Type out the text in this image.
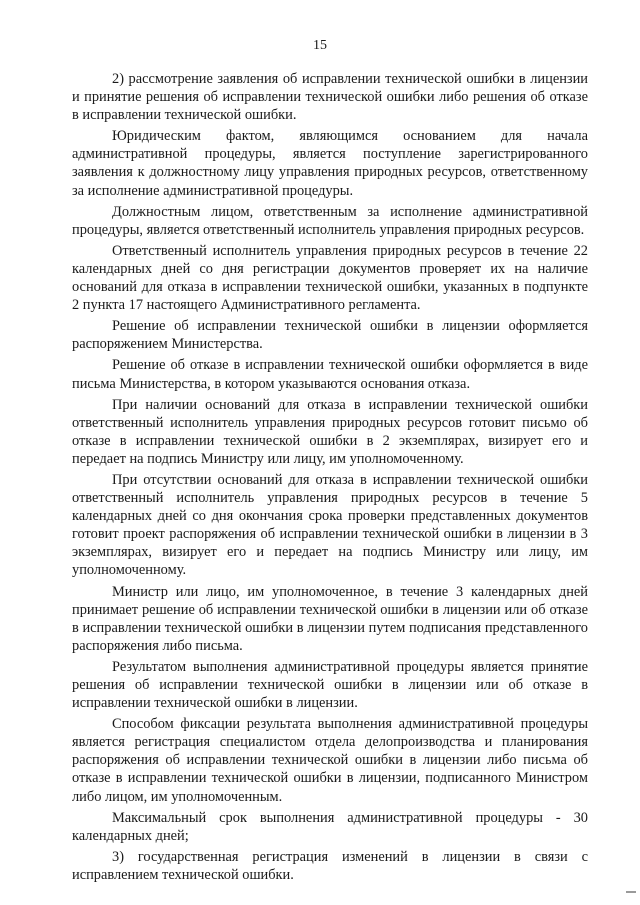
15

2) рассмотрение заявления об исправлении технической ошибки в лицензии и принятие решения об исправлении технической ошибки либо решения об отказе в исправлении технической ошибки.

Юридическим фактом, являющимся основанием для начала административной процедуры, является поступление зарегистрированного заявления к должностному лицу управления природных ресурсов, ответственному за исполнение административной процедуры.

Должностным лицом, ответственным за исполнение административной процедуры, является ответственный исполнитель управления природных ресурсов.

Ответственный исполнитель управления природных ресурсов в течение 22 календарных дней со дня регистрации документов проверяет их на наличие оснований для отказа в исправлении технической ошибки, указанных в подпункте 2 пункта 17 настоящего Административного регламента.

Решение об исправлении технической ошибки в лицензии оформляется распоряжением Министерства.

Решение об отказе в исправлении технической ошибки оформляется в виде письма Министерства, в котором указываются основания отказа.

При наличии оснований для отказа в исправлении технической ошибки ответственный исполнитель управления природных ресурсов готовит письмо об отказе в исправлении технической ошибки в 2 экземплярах, визирует его и передает на подпись Министру или лицу, им уполномоченному.

При отсутствии оснований для отказа в исправлении технической ошибки ответственный исполнитель управления природных ресурсов в течение 5 календарных дней со дня окончания срока проверки представленных документов готовит проект распоряжения об исправлении технической ошибки в лицензии в 3 экземплярах, визирует его и передает на подпись Министру или лицу, им уполномоченному.

Министр или лицо, им уполномоченное, в течение 3 календарных дней принимает решение об исправлении технической ошибки в лицензии или об отказе в исправлении технической ошибки в лицензии путем подписания представленного распоряжения либо письма.

Результатом выполнения административной процедуры является принятие решения об исправлении технической ошибки в лицензии или об отказе в исправлении технической ошибки в лицензии.

Способом фиксации результата выполнения административной процедуры является регистрация специалистом отдела делопроизводства и планирования распоряжения об исправлении технической ошибки в лицензии либо письма об отказе в исправлении технической ошибки в лицензии, подписанного Министром либо лицом, им уполномоченным.

Максимальный срок выполнения административной процедуры - 30 календарных дней;

3) государственная регистрация изменений в лицензии в связи с исправлением технической ошибки.
